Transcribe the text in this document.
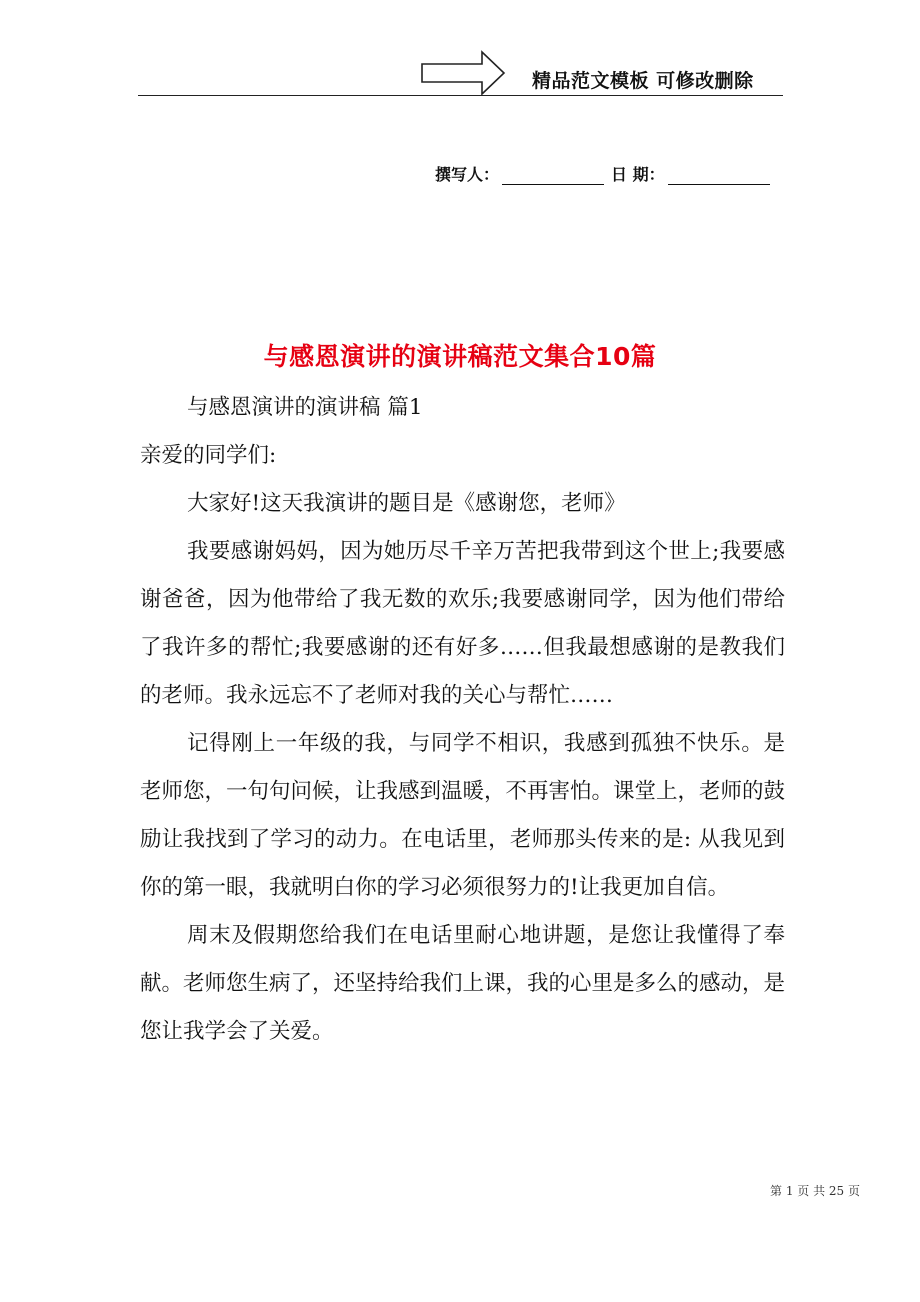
精品范文模板 可修改删除
撰写人：	日 期：
与感恩演讲的演讲稿范文集合10篇

与感恩演讲的演讲稿 篇1

亲爱的同学们:

大家好!这天我演讲的题目是《感谢您，老师》

我要感谢妈妈，因为她历尽千辛万苦把我带到这个世上;我要感谢爸爸，因为他带给了我无数的欢乐;我要感谢同学，因为他们带给了我许多的帮忙;我要感谢的还有好多……但我最想感谢的是教我们的老师。我永远忘不了老师对我的关心与帮忙……

记得刚上一年级的我，与同学不相识，我感到孤独不快乐。是老师您，一句句问候，让我感到温暖，不再害怕。课堂上，老师的鼓励让我找到了学习的动力。在电话里，老师那头传来的是: 从我见到你的第一眼，我就明白你的学习必须很努力的!让我更加自信。

周末及假期您给我们在电话里耐心地讲题，是您让我懂得了奉献。老师您生病了，还坚持给我们上课，我的心里是多么的感动，是您让我学会了关爱。

第 1 页 共 25 页
